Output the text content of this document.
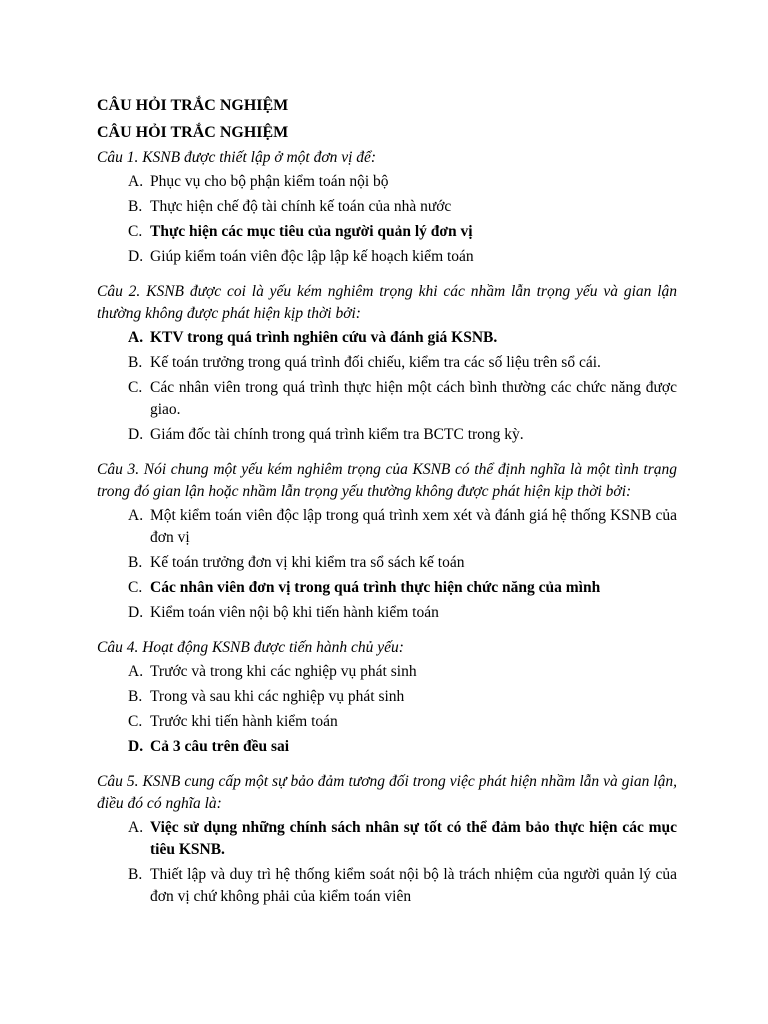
CÂU HỎI TRẮC NGHIỆM
CÂU HỎI TRẮC NGHIỆM
Câu 1. KSNB được thiết lập ở một đơn vị để:
A. Phục vụ cho bộ phận kiểm toán nội bộ
B. Thực hiện chế độ tài chính kế toán của nhà nước
C. Thực hiện các mục tiêu của người quản lý đơn vị
D. Giúp kiểm toán viên độc lập lập kế hoạch kiểm toán
Câu 2. KSNB được coi là yếu kém nghiêm trọng khi các nhầm lẫn trọng yếu và gian lận thường không được phát hiện kịp thời bởi:
A. KTV trong quá trình nghiên cứu và đánh giá KSNB.
B. Kế toán trưởng trong quá trình đối chiếu, kiểm tra các số liệu trên sổ cái.
C. Các nhân viên trong quá trình thực hiện một cách bình thường các chức năng được giao.
D. Giám đốc tài chính trong quá trình kiểm tra BCTC trong kỳ.
Câu 3. Nói chung một yếu kém nghiêm trọng của KSNB có thể định nghĩa là một tình trạng trong đó gian lận hoặc nhầm lẫn trọng yếu thường không được phát hiện kịp thời bởi:
A. Một kiểm toán viên độc lập trong quá trình xem xét và đánh giá hệ thống KSNB của đơn vị
B. Kế toán trưởng đơn vị khi kiểm tra sổ sách kế toán
C. Các nhân viên đơn vị trong quá trình thực hiện chức năng của mình
D. Kiểm toán viên nội bộ khi tiến hành kiểm toán
Câu 4. Hoạt động KSNB được tiến hành chủ yếu:
A. Trước và trong khi các nghiệp vụ phát sinh
B. Trong và sau khi các nghiệp vụ phát sinh
C. Trước khi tiến hành kiểm toán
D. Cả 3 câu trên đều sai
Câu 5. KSNB cung cấp một sự bảo đảm tương đối trong việc phát hiện nhầm lẫn và gian lận, điều đó có nghĩa là:
A. Việc sử dụng những chính sách nhân sự tốt có thể đảm bảo thực hiện các mục tiêu KSNB.
B. Thiết lập và duy trì hệ thống kiểm soát nội bộ là trách nhiệm của người quản lý của đơn vị chứ không phải của kiểm toán viên
